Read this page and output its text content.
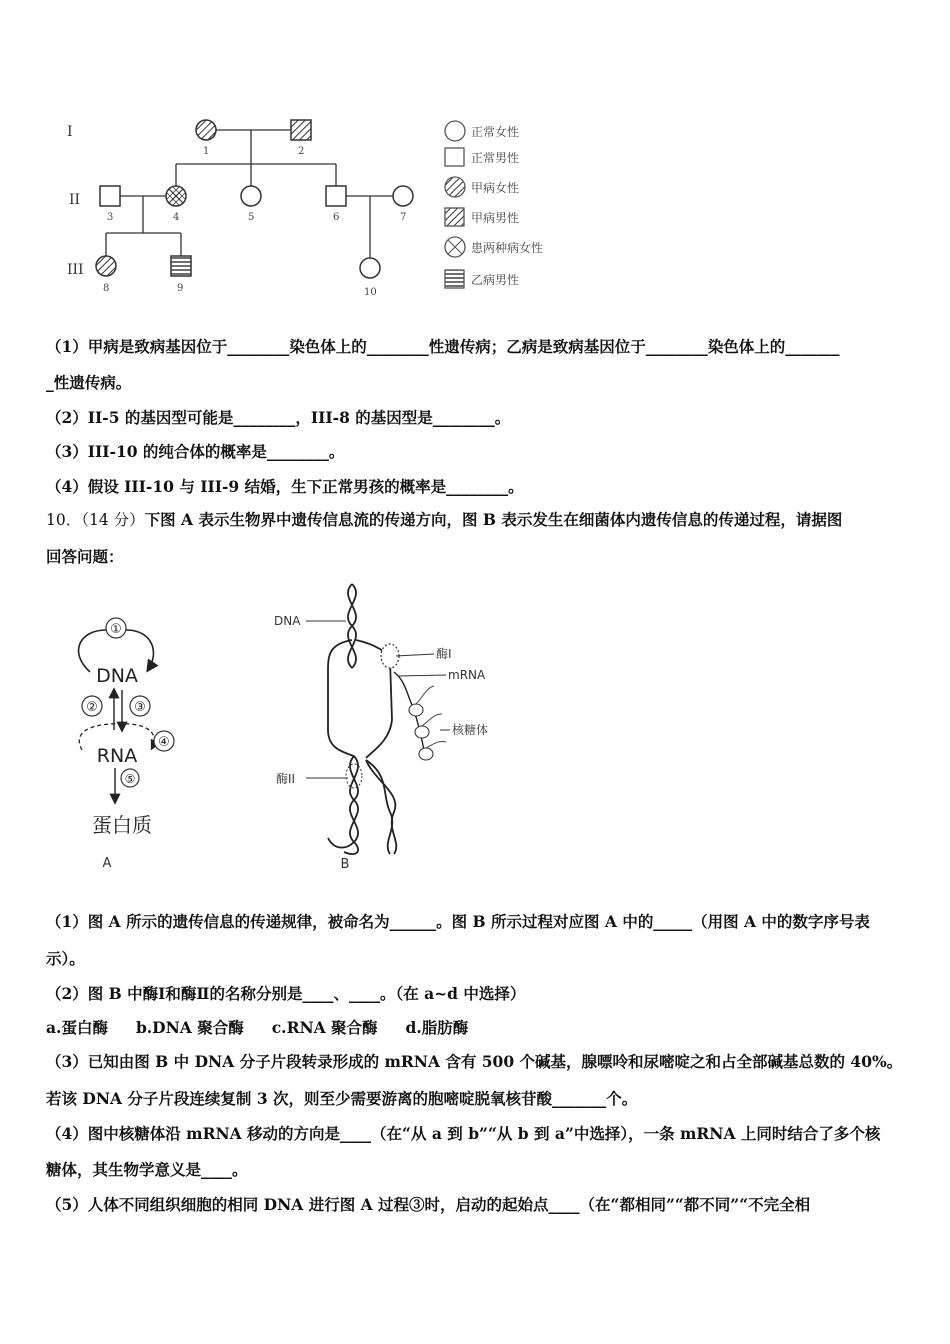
I
II
III
1	2
3	4	5	6	7
8	9	10
正常女性
正常男性
甲病女性
甲病男性
患两种病女性
乙病男性
（1）甲病是致病基因位于________染色体上的________性遗传病；乙病是致病基因位于________染色体上的_______
_性遗传病。
（2）II-5 的基因型可能是________，III-8 的基因型是________。
（3）III-10 的纯合体的概率是________。
（4）假设 III-10 与 III-9 结婚，生下正常男孩的概率是________。
10．（14 分）下图 A 表示生物界中遗传信息流的传递方向，图 B 表示发生在细菌体内遗传信息的传递过程，请据图
回答问题：
①
DNA
②	③
④
RNA
⑤
蛋白质
A
DNA
酶I
mRNA
核糖体
酶II
B
（1）图 A 所示的遗传信息的传递规律，被命名为______。图 B 所示过程对应图 A 中的_____（用图 A 中的数字序号表
示）。
（2）图 B 中酶Ⅰ和酶Ⅱ的名称分别是____、____。（在 a~d 中选择）
a.蛋白酶 b.DNA 聚合酶 c.RNA 聚合酶 d.脂肪酶
（3）已知由图 B 中 DNA 分子片段转录形成的 mRNA 含有 500 个碱基，腺嘌呤和尿嘧啶之和占全部碱基总数的 40%。
若该 DNA 分子片段连续复制 3 次，则至少需要游离的胞嘧啶脱氧核苷酸_______个。
（4）图中核糖体沿 mRNA 移动的方向是____（在“从 a 到 b”“从 b 到 a”中选择），一条 mRNA 上同时结合了多个核
糖体，其生物学意义是____。
（5）人体不同组织细胞的相同 DNA 进行图 A 过程③时，启动的起始点____（在“都相同”“都不同”“不完全相
